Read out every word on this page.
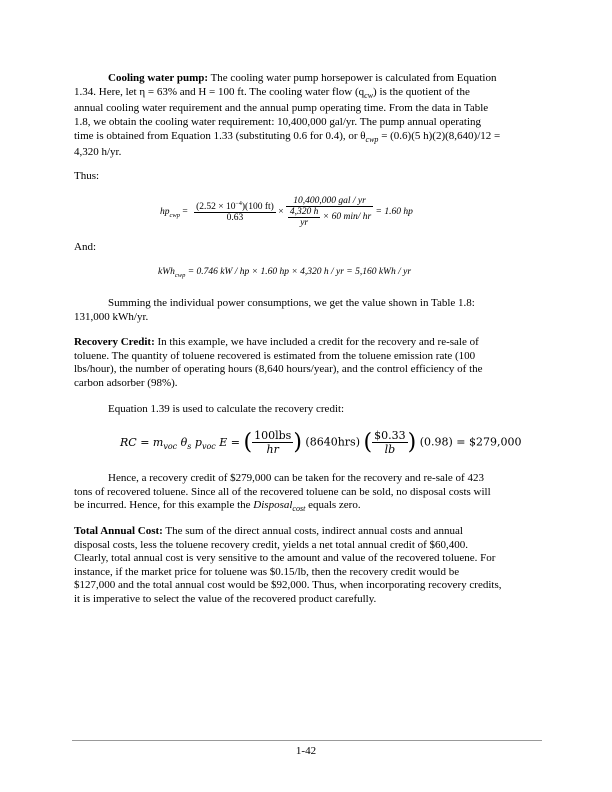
Cooling water pump: The cooling water pump horsepower is calculated from Equation
1.34. Here, let η = 63% and H = 100 ft. The cooling water flow $(q_{cw})$ is the quotient of the
annual cooling water requirement and the annual pump operating time. From the data in Table
1.8, we obtain the cooling water requirement: 10,400,000 gal/yr. The pump annual operating
time is obtained from Equation 1.33 (substituting 0.6 for 0.4), or $\theta_{cwp} = (0.6)(5$ h)(2)(8,640)/12 =
4,320 h/yr.
Thus:
$hp_{cwp} = \frac{(2.52 \times 10^{-4})(100 ft)}{0.63} \times \frac{\text{10,400,000 gal / yr}}{\frac{4,320 h}{yr} \times 60 \min/ hr} = 1.60$ hp
And:
kWh$_{cwp}$ = 0.746 kW / hp × 1.60 hp × 4,320 h / yr = 5,160 kWh / yr
Summing the individual power consumptions, we get the value shown in Table 1.8:
131,000 kWh/yr.
Recovery Credit: In this example, we have included a credit for the recovery and re-sale of
toluene. The quantity of toluene recovered is estimated from the toluene emission rate (100
lbs/hour), the number of operating hours (8,640 hours/year), and the control efficiency of the
carbon adsorber (98%).
Equation 1.39 is used to calculate the recovery credit:
RC = $m_{voc}$ $\theta_s$ $p_{voc}$ E = ( $\frac{\text{100lbs}}{hr}$ ) (8640hrs) ( $\frac{\$0.33}{lb}$ ) (0.98) = $279,000
Hence, a recovery credit of $279,000 can be taken for the recovery and re-sale of 423
tons of recovered toluene. Since all of the recovered toluene can be sold, no disposal costs will
be incurred. Hence, for this example the Disposal$_{cost}$ equals zero.
Total Annual Cost: The sum of the direct annual costs, indirect annual costs and annual
disposal costs, less the toluene recovery credit, yields a net total annual credit of $60,400.
Clearly, total annual cost is very sensitive to the amount and value of the recovered toluene. For
instance, if the market price for toluene was $0.15/lb, then the recovery credit would be
$127,000 and the total annual cost would be $92,000. Thus, when incorporating recovery credits,
it is imperative to select the value of the recovered product carefully.
1-42
